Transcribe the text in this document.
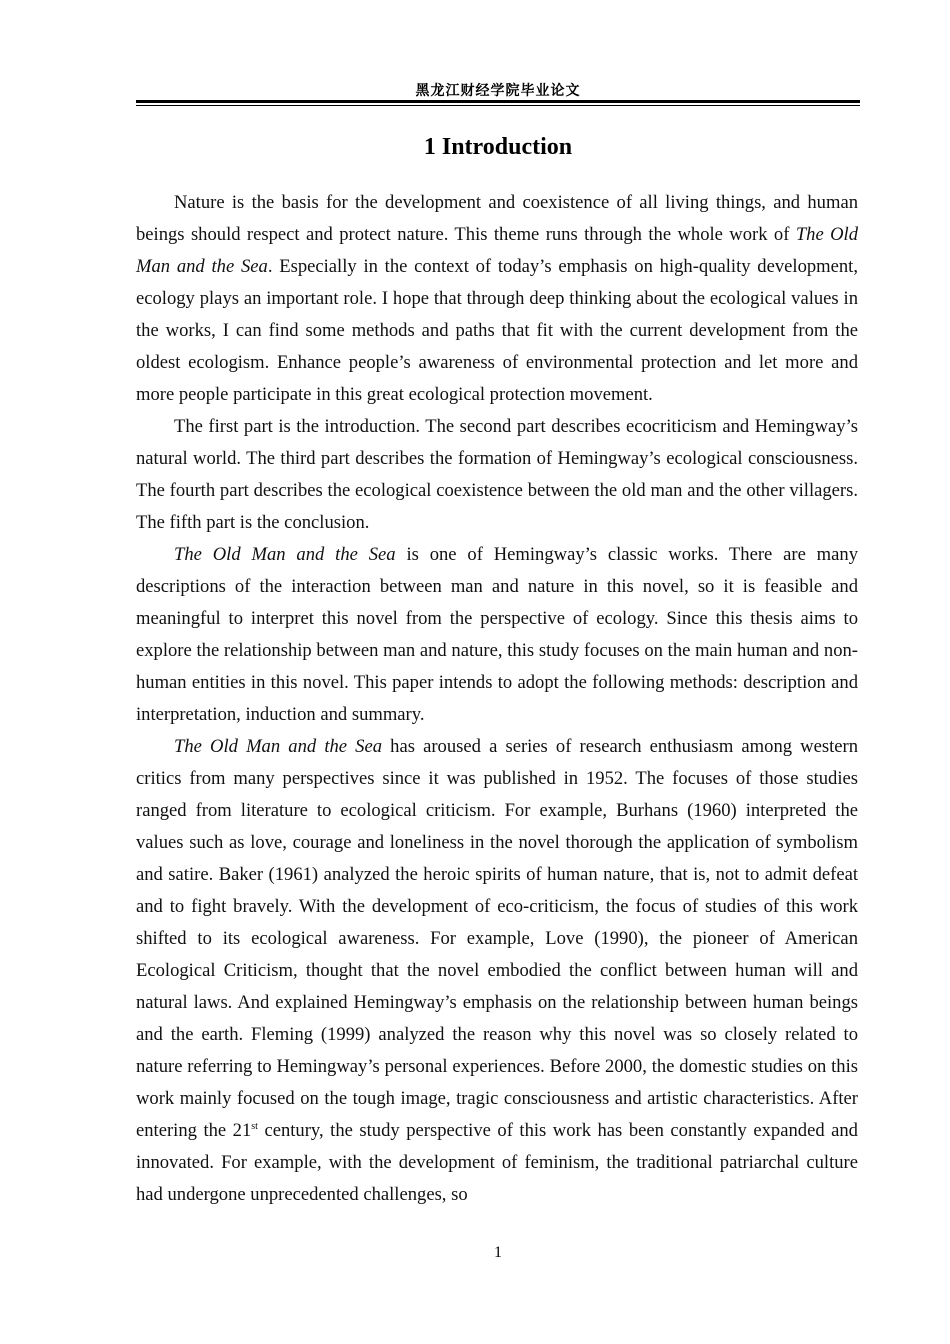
黑龙江财经学院毕业论文
1 Introduction

Nature is the basis for the development and coexistence of all living things, and human beings should respect and protect nature. This theme runs through the whole work of The Old Man and the Sea. Especially in the context of today’s emphasis on high-quality development, ecology plays an important role. I hope that through deep thinking about the ecological values in the works, I can find some methods and paths that fit with the current development from the oldest ecologism. Enhance people’s awareness of environmental protection and let more and more people participate in this great ecological protection movement.

The first part is the introduction. The second part describes ecocriticism and Hemingway’s natural world. The third part describes the formation of Hemingway’s ecological consciousness. The fourth part describes the ecological coexistence between the old man and the other villagers. The fifth part is the conclusion.

The Old Man and the Sea is one of Hemingway’s classic works. There are many descriptions of the interaction between man and nature in this novel, so it is feasible and meaningful to interpret this novel from the perspective of ecology. Since this thesis aims to explore the relationship between man and nature, this study focuses on the main human and non-human entities in this novel. This paper intends to adopt the following methods: description and interpretation, induction and summary.

The Old Man and the Sea has aroused a series of research enthusiasm among western critics from many perspectives since it was published in 1952. The focuses of those studies ranged from literature to ecological criticism. For example, Burhans (1960) interpreted the values such as love, courage and loneliness in the novel thorough the application of symbolism and satire. Baker (1961) analyzed the heroic spirits of human nature, that is, not to admit defeat and to fight bravely. With the development of eco-criticism, the focus of studies of this work shifted to its ecological awareness. For example, Love (1990), the pioneer of American Ecological Criticism, thought that the novel embodied the conflict between human will and natural laws. And explained Hemingway’s emphasis on the relationship between human beings and the earth. Fleming (1999) analyzed the reason why this novel was so closely related to nature referring to Hemingway’s personal experiences. Before 2000, the domestic studies on this work mainly focused on the tough image, tragic consciousness and artistic characteristics. After entering the 21st century, the study perspective of this work has been constantly expanded and innovated. For example, with the development of feminism, the traditional patriarchal culture had undergone unprecedented challenges, so

1
